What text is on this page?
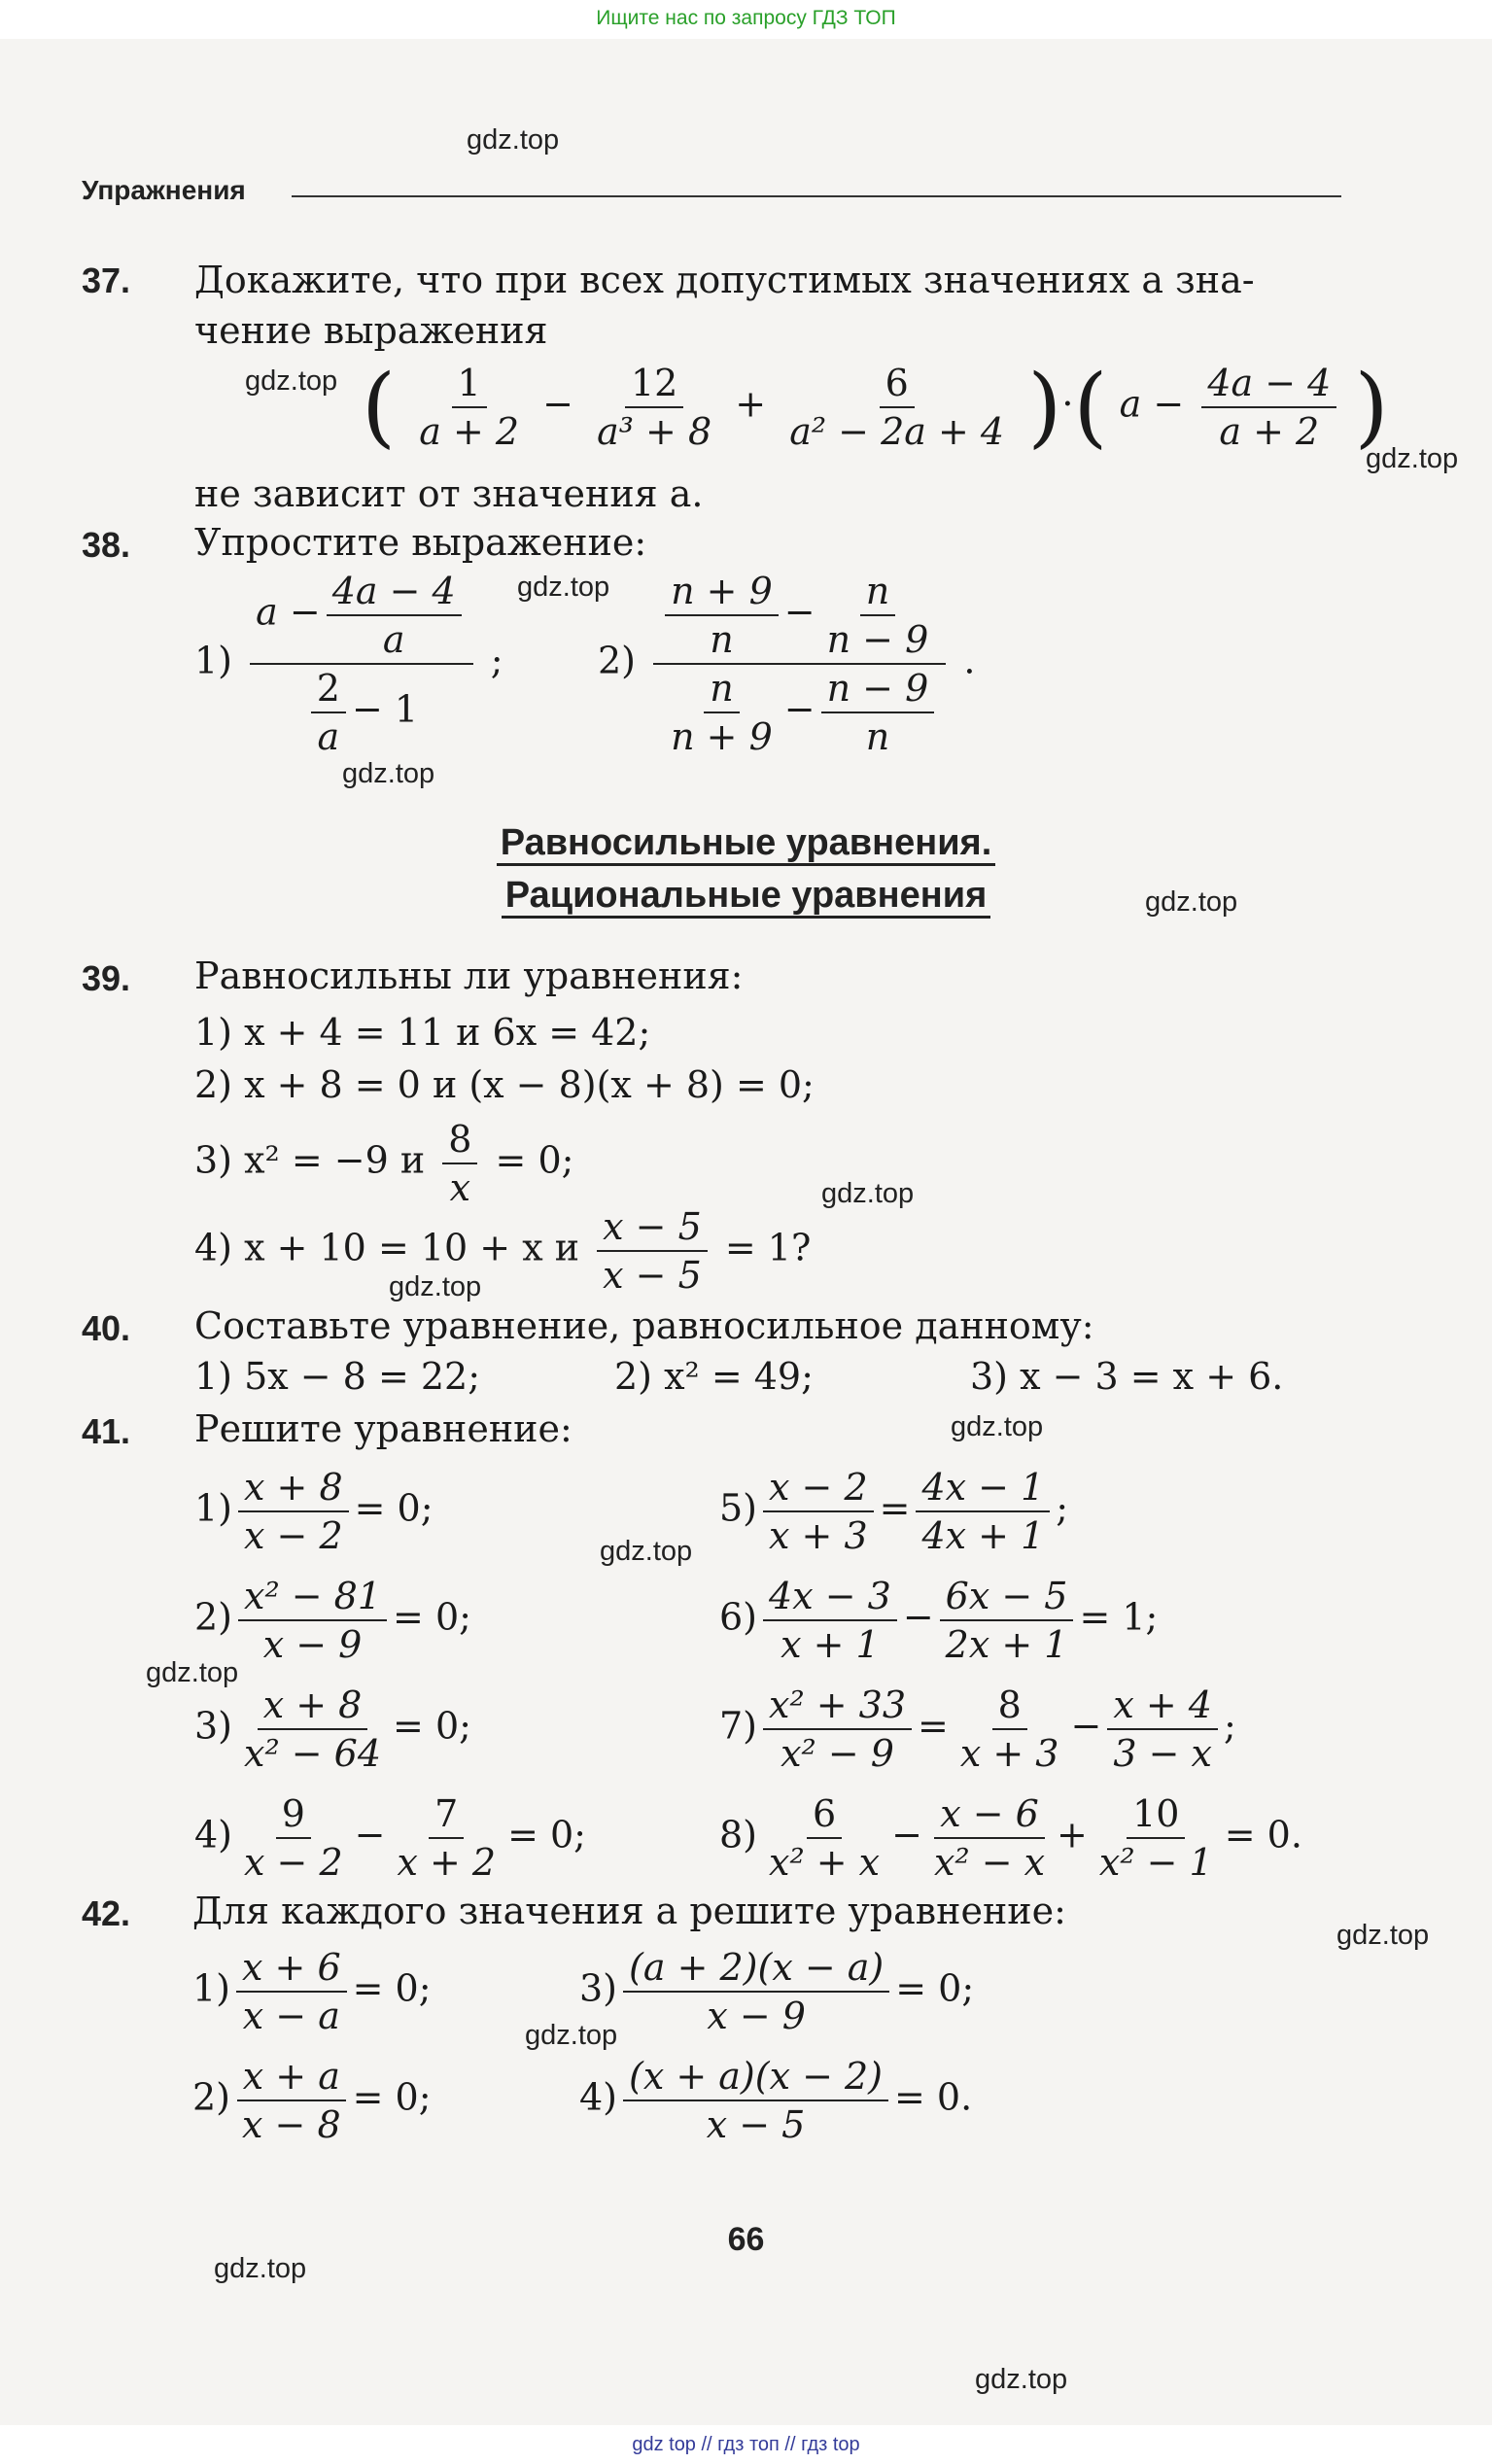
Ищите нас по запросу ГДЗ ТОП
gdz.top
gdz.top
gdz.top
gdz.top
gdz.top
gdz.top
gdz.top
gdz.top
gdz.top
gdz.top
gdz.top
gdz.top
gdz.top
gdz.top
gdz.top
Упражнения
37. Докажите, что при всех допустимых значениях a зна-
чение выражения
( $\frac{1}{a + 2} - \frac{12}{\text{a³ + 8}} + \frac{6}{\text{a² − 2a + 4}}$ )·( $a - \frac{4a - 4}{a + 2}$ )
не зависит от значения a.
38. Упростите выражение:
$1) \frac{a - \frac{4a - 4}{a}}{\frac{2}{a} - 1}$ ;	$2) \frac{\frac{n + 9}{n} - \frac{n}{n - 9}}{\frac{n}{n + 9} - \frac{n - 9}{n}}$ .
Равносильные уравнения.
Рациональные уравнения
39. Равносильны ли уравнения:
1) x + 4 = 11 и 6x = 42;
2) x + 8 = 0 и (x − 8)(x + 8) = 0;
3) x² = −9 и $\frac{8}{x} = 0$;
4) x + 10 = 10 + x и $\frac{x - 5}{x - 5} = 1$?
40. Составьте уравнение, равносильное данному:
1) 5x − 8 = 22;	2) x² = 49;	3) x − 3 = x + 6.
41. Решите уравнение:
$1) \frac{x + 8}{x - 2} = 0$;
$2) \frac{\text{x² − 81}}{x - 9} = 0$;
$3) \frac{x + 8}{\text{x² − 64}} = 0$;
$4) \frac{9}{x - 2} - \frac{7}{x + 2} = 0$;
$5) \frac{x - 2}{x + 3} = \frac{4x - 1}{4x + 1}$ ;
$6) \frac{4x - 3}{x + 1} - \frac{6x - 5}{2x + 1} = 1$;
$7) \frac{\text{x² + 33}}{\text{x² − 9}} = \frac{8}{x + 3} - \frac{x + 4}{3 - x}$ ;
$8) \frac{6}{\text{x² + x}} - \frac{x - 6}{\text{x² − x}} + \frac{10}{\text{x² − 1}} = 0$.
42. Для каждого значения a решите уравнение:
$1) \frac{x + 6}{x - a} = 0$;
$2) \frac{x + a}{x - 8} = 0$;
$3) \frac{(a + 2)(x - a)}{x - 9} = 0$;
$4) \frac{(x + a)(x - 2)}{x - 5} = 0$.
66
gdz top // гдз топ // гдз top
